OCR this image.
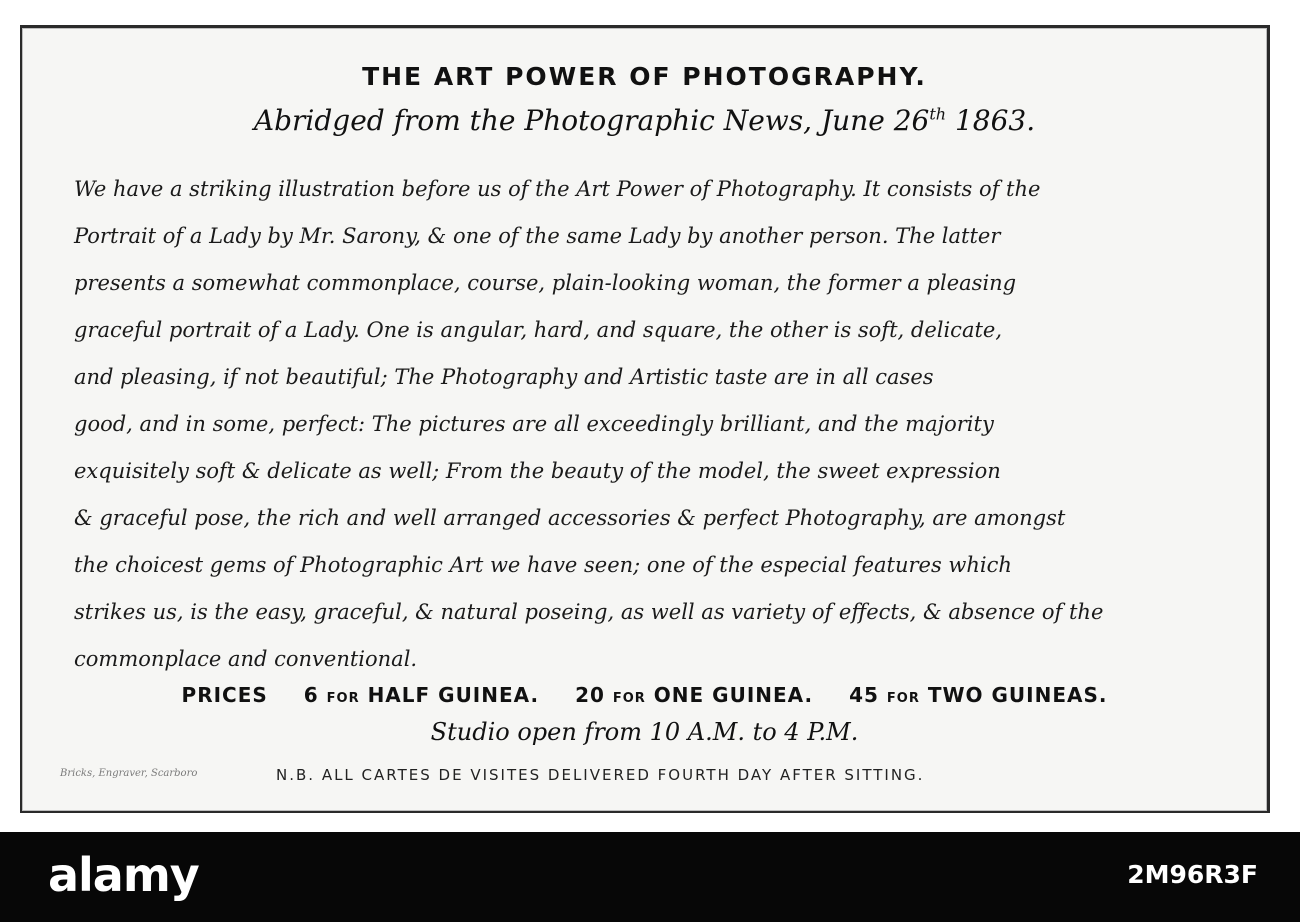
THE ART POWER OF PHOTOGRAPHY.
Abridged from the Photographic News, June 26th 1863.
We have a striking illustration before us of the Art Power of Photography. It consists of the
Portrait of a Lady by Mr. Sarony, & one of the same Lady by another person. The latter
presents a somewhat commonplace, course, plain-looking woman, the former a pleasing
graceful portrait of a Lady. One is angular, hard, and square, the other is soft, delicate,
and pleasing, if not beautiful; The Photography and Artistic taste are in all cases
good, and in some, perfect: The pictures are all exceedingly brilliant, and the majority
exquisitely soft & delicate as well; From the beauty of the model, the sweet expression
& graceful pose, the rich and well arranged accessories & perfect Photography, are amongst
the choicest gems of Photographic Art we have seen; one of the especial features which
strikes us, is the easy, graceful, & natural poseing, as well as variety of effects, & absence of the
commonplace and conventional.
PRICES 6 FOR HALF GUINEA. 20 FOR ONE GUINEA. 45 FOR TWO GUINEAS.
Studio open from 10 A.M. to 4 P.M.
Bricks, Engraver, Scarboro	N.B. ALL CARTES DE VISITES DELIVERED FOURTH DAY AFTER SITTING.
alamy	2M96R3F
